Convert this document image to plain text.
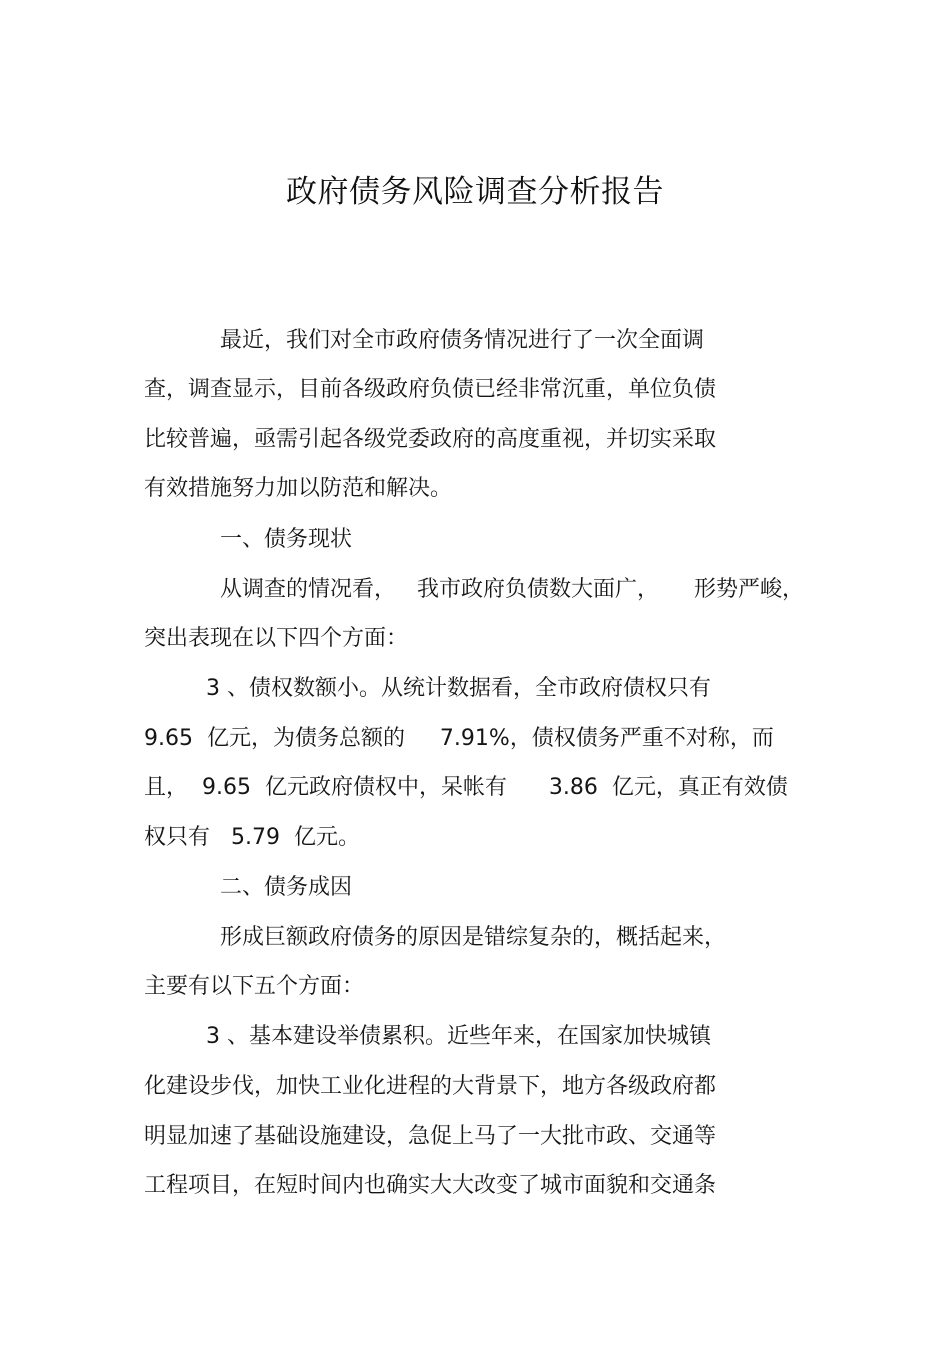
政府债务风险调查分析报告
最近，我们对全市政府债务情况进行了一次全面调
查，调查显示，目前各级政府负债已经非常沉重，单位负债
比较普遍，亟需引起各级党委政府的高度重视，并切实采取
有效措施努力加以防范和解决。
一、债务现状
从调查的情况看，   我市政府负债数大面广，     形势严峻，
突出表现在以下四个方面：
3 、债权数额小。从统计数据看，全市政府债权只有
9.65  亿元，为债务总额的     7.91%，债权债务严重不对称，而
且，  9.65  亿元政府债权中，呆帐有      3.86  亿元，真正有效债
权只有   5.79  亿元。
二、债务成因
形成巨额政府债务的原因是错综复杂的，概括起来，
主要有以下五个方面：
3 、基本建设举债累积。近些年来，在国家加快城镇
化建设步伐，加快工业化进程的大背景下，地方各级政府都
明显加速了基础设施建设，急促上马了一大批市政、交通等
工程项目，在短时间内也确实大大改变了城市面貌和交通条
